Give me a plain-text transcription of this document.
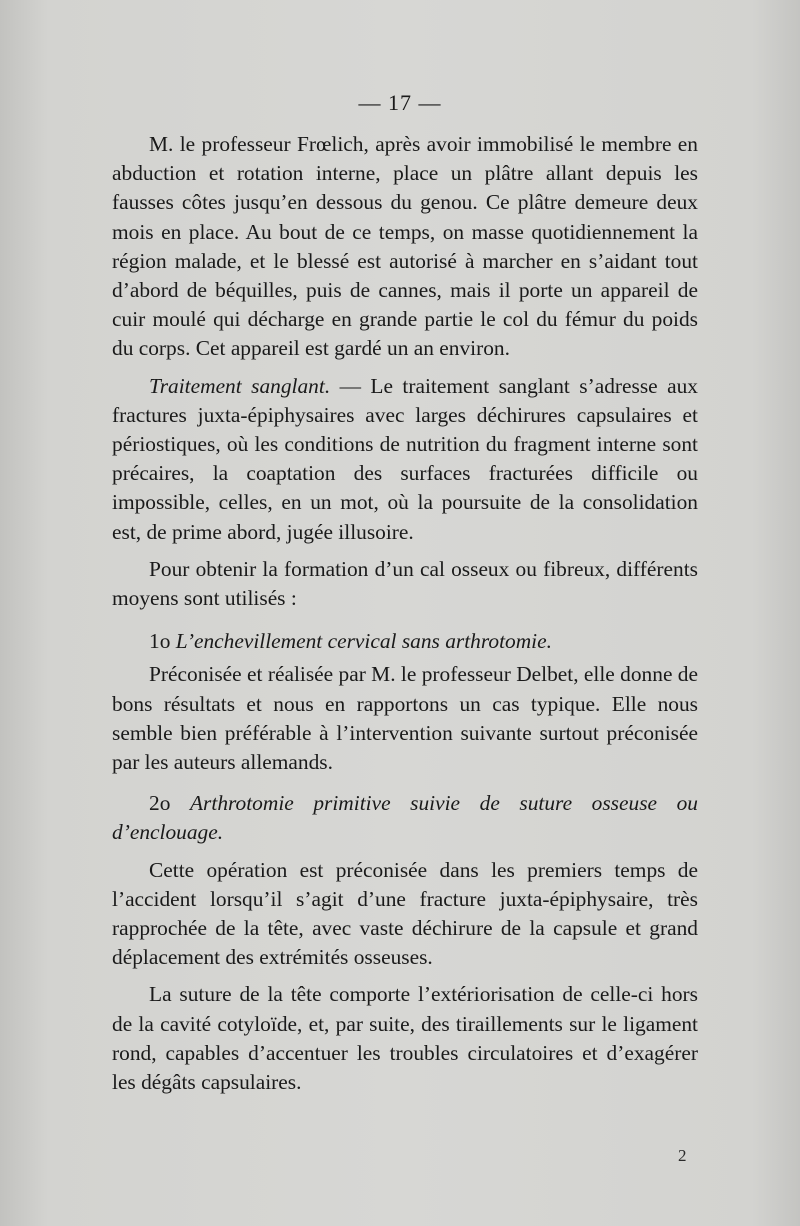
— 17 —

M. le professeur Frœlich, après avoir immobilisé le membre en abduction et rotation interne, place un plâtre allant depuis les fausses côtes jusqu’en dessous du genou. Ce plâtre demeure deux mois en place. Au bout de ce temps, on masse quotidiennement la région malade, et le blessé est autorisé à marcher en s’aidant tout d’abord de béquilles, puis de cannes, mais il porte un appareil de cuir moulé qui décharge en grande partie le col du fémur du poids du corps. Cet appareil est gardé un an environ.

Traitement sanglant. — Le traitement sanglant s’adresse aux fractures juxta-épiphysaires avec larges déchirures capsulaires et périostiques, où les conditions de nutrition du fragment interne sont précaires, la coaptation des surfaces fracturées difficile ou impossible, celles, en un mot, où la poursuite de la consolidation est, de prime abord, jugée illusoire.

Pour obtenir la formation d’un cal osseux ou fibreux, différents moyens sont utilisés :

1o L’enchevillement cervical sans arthrotomie.

Préconisée et réalisée par M. le professeur Delbet, elle donne de bons résultats et nous en rapportons un cas typique. Elle nous semble bien préférable à l’intervention suivante surtout préconisée par les auteurs allemands.

2o Arthrotomie primitive suivie de suture osseuse ou d’enclouage.

Cette opération est préconisée dans les premiers temps de l’accident lorsqu’il s’agit d’une fracture juxta-épiphysaire, très rapprochée de la tête, avec vaste déchirure de la capsule et grand déplacement des extrémités osseuses.

La suture de la tête comporte l’extériorisation de celle-ci hors de la cavité cotyloïde, et, par suite, des tiraillements sur le ligament rond, capables d’accentuer les troubles circulatoires et d’exagérer les dégâts capsulaires.

2
